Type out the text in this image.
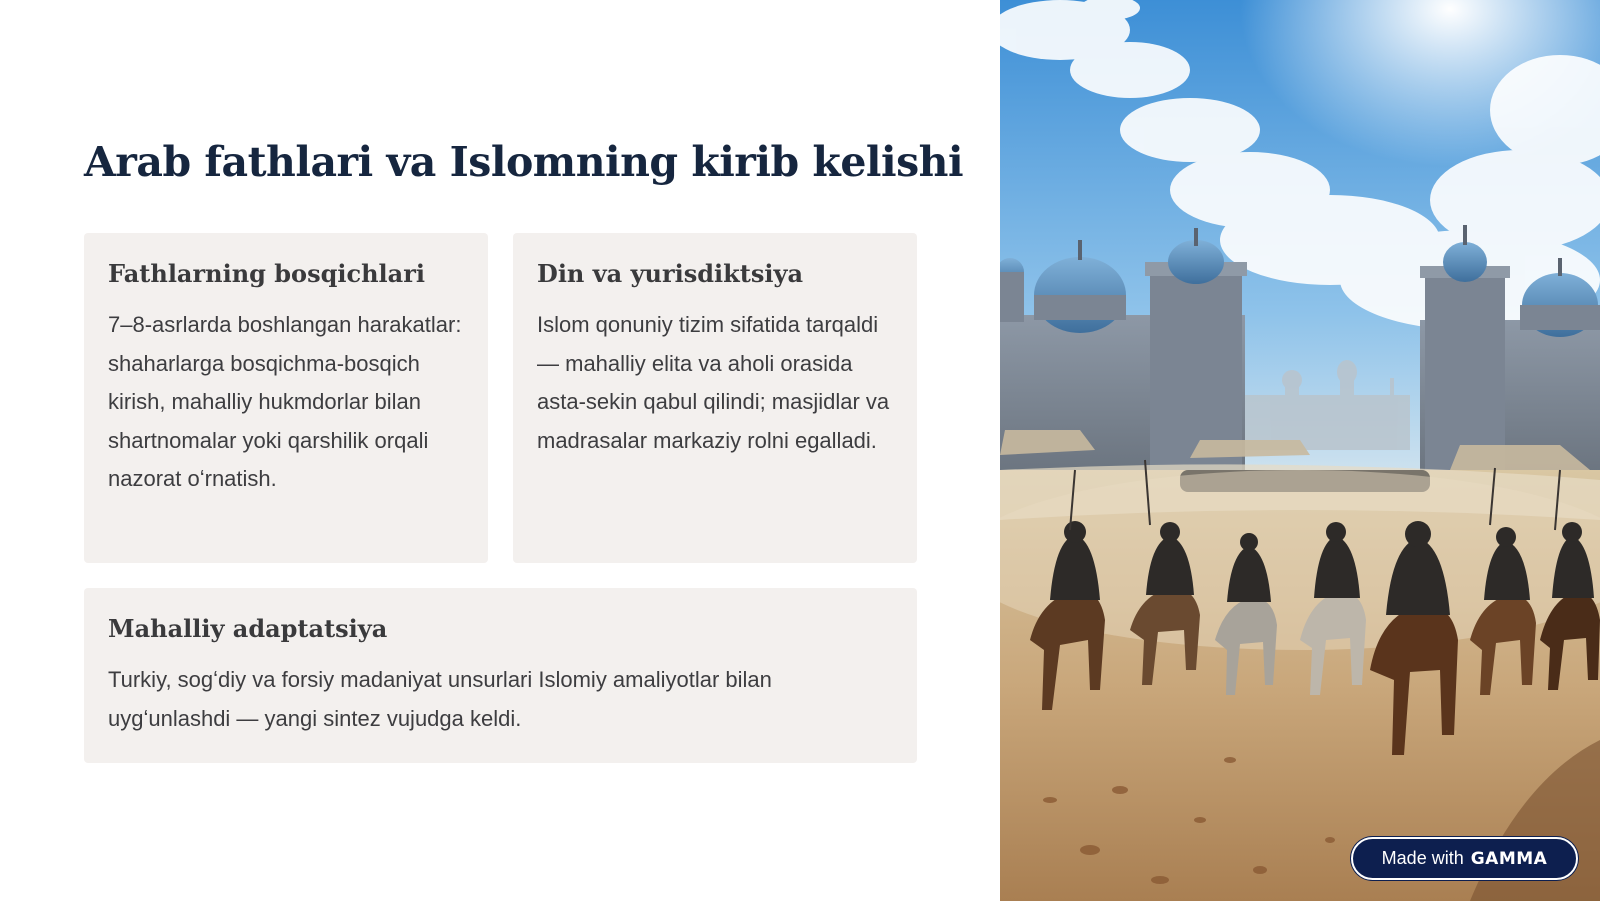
Arab fathlari va Islomning kirib kelishi
Fathlarning bosqichlari

7–8-asrlarda boshlangan harakatlar: shaharlarga bosqichma-bosqich kirish, mahalliy hukmdorlar bilan shartnomalar yoki qarshilik orqali nazorat oʻrnatish.

Din va yurisdiktsiya

Islom qonuniy tizim sifatida tarqaldi — mahalliy elita va aholi orasida asta-sekin qabul qilindi; masjidlar va madrasalar markaziy rolni egalladi.

Mahalliy adaptatsiya

Turkiy, sogʻdiy va forsiy madaniyat unsurlari Islomiy amaliyotlar bilan uygʻunlashdi — yangi sintez vujudga keldi.

Made with GAMMA
